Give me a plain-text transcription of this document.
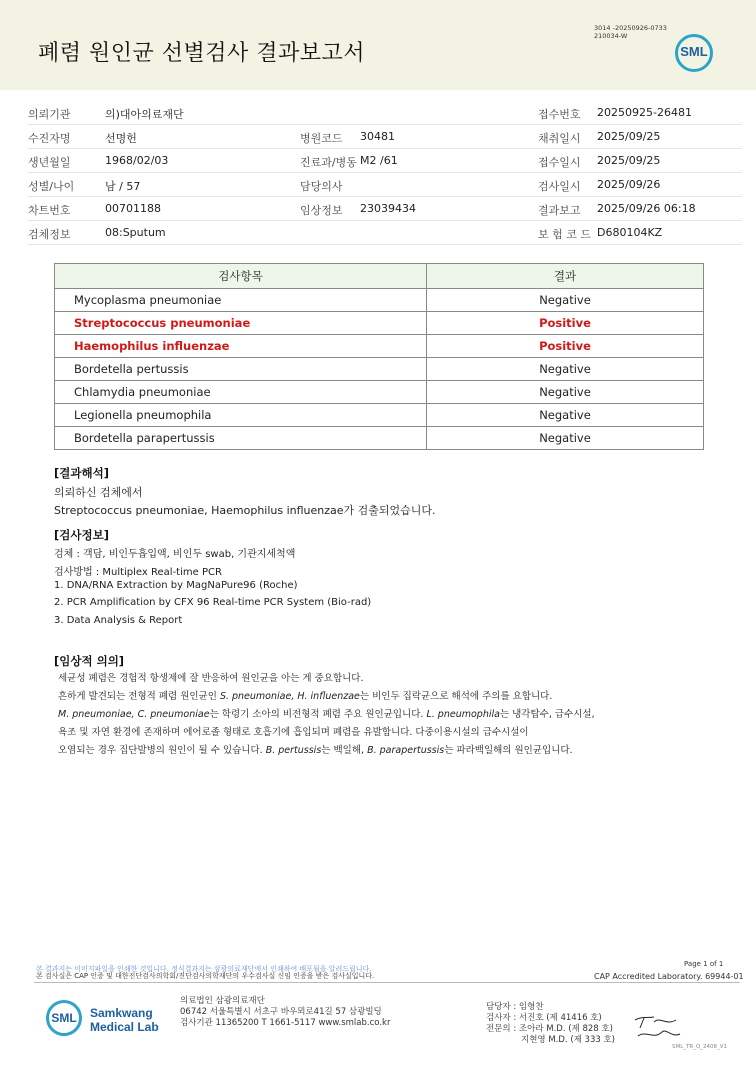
폐렴 원인균 선별검사 결과보고서
3014 -20250926-0733
210034-W
SML
의뢰기관	의)대아의료재단	접수번호 20250925-26481
수진자명	선명헌	병원코드 30481	채취일시 2025/09/25
생년월일	1968/02/03	진료과/병동 M2 /61	접수일시 2025/09/25
성별/나이	남 / 57	담당의사	검사일시 2025/09/26
차트번호	00701188	임상정보 23039434	결과보고 2025/09/26 06:18
검체정보	08:Sputum	보 험 코 드 D680104KZ
검사항목	결과
Mycoplasma pneumoniae	Negative
Streptococcus pneumoniae	Positive
Haemophilus influenzae	Positive
Bordetella pertussis	Negative
Chlamydia pneumoniae	Negative
Legionella pneumophila	Negative
Bordetella parapertussis	Negative
[결과해석]
의뢰하신 검체에서
Streptococcus pneumoniae, Haemophilus influenzae가 검출되었습니다.
[검사정보]
검체 : 객담, 비인두흡입액, 비인두 swab, 기관지세척액
검사방법 : Multiplex Real-time PCR
1. DNA/RNA Extraction by MagNaPure96 (Roche)
2. PCR Amplification by CFX 96 Real-time PCR System (Bio-rad)
3. Data Analysis & Report
[임상적 의의]
세균성 폐렴은 경험적 항생제에 잘 반응하여 원인균을 아는 게 중요합니다.
흔하게 발견되는 전형적 폐렴 원인균인 S. pneumoniae, H. influenzae는 비인두 집락균으로 해석에 주의를 요합니다.
M. pneumoniae, C. pneumoniae는 학령기 소아의 비전형적 폐렴 주요 원인균입니다. L. pneumophila는 냉각탑수, 급수시설,
욕조 및 자연 환경에 존재하며 에어로졸 형태로 호흡기에 흡입되며 폐렴을 유발합니다. 다중이용시설의 급수시설이
오염되는 경우 집단발병의 원인이 될 수 있습니다. B. pertussis는 백일해, B. parapertussis는 파라백일해의 원인균입니다.
Page 1 of 1
본 결과지는 이미지파일을 인쇄한 것입니다. 정식결과지는 삼광의료재단에서 인쇄하여 배포됨을 알려드립니다.
본 검사실은 CAP 인증 및 대한진단검사의학회/진단검사의학재단의 우수검사실 신임 인증을 받은 검사실입니다.	CAP Accredited Laboratory. 69944-01
SML	Samkwang
Medical Lab
의료법인 삼광의료재단
06742 서울특별시 서초구 바우뫼로41길 57 삼광빌딩
검사기관 11365200 T 1661-5117 www.smlab.co.kr
담당자 : 임형찬
검사자 : 서진호 (제 41416 호)
전문의 : 조아라 M.D. (제 828 호)
지현영 M.D. (제 333 호)
SML_TR_Q_2408_V1
